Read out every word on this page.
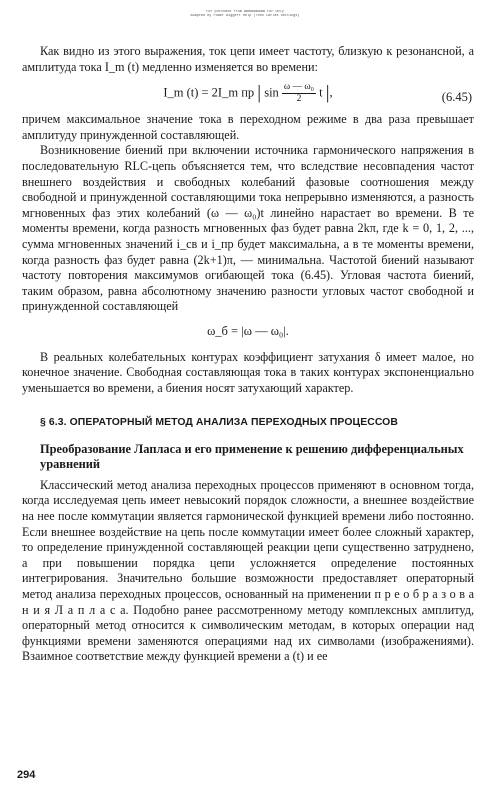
For purchase from BBBBBBBBBB For Only
Adapted by Power Biggerr Help (7000 Carlas Settings)

Как видно из этого выражения, ток цепи имеет частоту, близкую к резонансной, а амплитуда тока I_m (t) медленно изменяется во времени:

I_m (t) = 2I_m пр | $\sin \frac{\text{ω — ω₀}}{2}$ t |,	(6.45)

причем максимальное значение тока в переходном режиме в два раза превышает амплитуду принужденной составляющей.

Возникновение биений при включении источника гармонического напряжения в последовательную RLC-цепь объясняется тем, что вследствие несовпадения частот внешнего воздействия и свободных колебаний фазовые соотношения между свободной и принужденной составляющими тока непрерывно изменяются, а разность мгновенных фаз этих колебаний (ω — ω₀)t линейно нарастает во времени. В те моменты времени, когда разность мгновенных фаз будет равна 2kπ, где k = 0, 1, 2, ..., сумма мгновенных значений i_св и i_пр будет максимальна, а в те моменты времени, когда разность фаз будет равна (2k+1)π, — минимальна. Частотой биений называют частоту повторения максимумов огибающей тока (6.45). Угловая частота биений, таким образом, равна абсолютному значению разности угловых частот свободной и принужденной составляющей

ω_б = |ω — ω₀|.

В реальных колебательных контурах коэффициент затухания δ имеет малое, но конечное значение. Свободная составляющая тока в таких контурах экспоненциально уменьшается во времени, а биения носят затухающий характер.

§ 6.3. ОПЕРАТОРНЫЙ МЕТОД АНАЛИЗА ПЕРЕХОДНЫХ ПРОЦЕССОВ
Преобразование Лапласа и его применение к решению дифференциальных уравнений

Классический метод анализа переходных процессов применяют в основном тогда, когда исследуемая цепь имеет невысокий порядок сложности, а внешнее воздействие на нее после коммутации является гармонической функцией времени либо постоянно. Если внешнее воздействие на цепь после коммутации имеет более сложный характер, то определение принужденной составляющей реакции цепи существенно затруднено, а при повышении порядка цепи усложняется определение постоянных интегрирования. Значительно большие возможности предоставляет операторный метод анализа переходных процессов, основанный на применении п р е о б р а з о в а н и я Л а п л а с а. Подобно ранее рассмотренному методу комплексных амплитуд, операторный метод относится к символическим методам, в которых операции над функциями времени заменяются операциями над их символами (изображениями). Взаимное соответствие между функцией времени a (t) и ее

294
